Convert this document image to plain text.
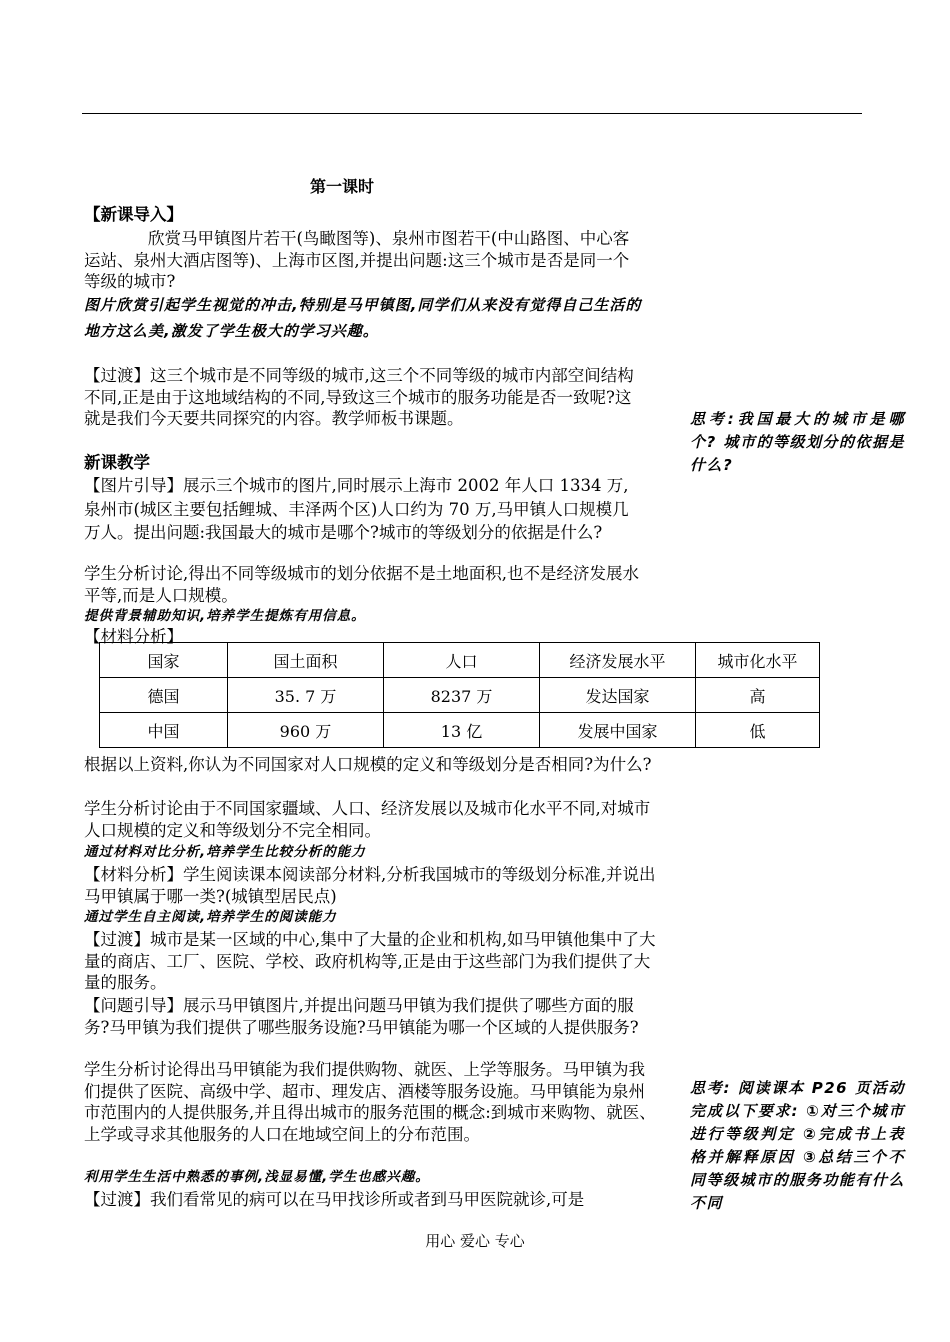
第一课时
【新课导入】
欣赏马甲镇图片若干(鸟瞰图等)、泉州市图若干(中山路图、中心客运站、泉州大酒店图等)、上海市区图,并提出问题:这三个城市是否是同一个等级的城市?
图片欣赏引起学生视觉的冲击,特别是马甲镇图,同学们从来没有觉得自己生活的地方这么美,激发了学生极大的学习兴趣。
【过渡】这三个城市是不同等级的城市,这三个不同等级的城市内部空间结构不同,正是由于这地域结构的不同,导致这三个城市的服务功能是否一致呢?这就是我们今天要共同探究的内容。教学师板书课题。
新课教学
【图片引导】展示三个城市的图片,同时展示上海市 2002 年人口 1334 万,泉州市(城区主要包括鲤城、丰泽两个区)人口约为 70 万,马甲镇人口规模几万人。提出问题:我国最大的城市是哪个?城市的等级划分的依据是什么?
学生分析讨论,得出不同等级城市的划分依据不是土地面积,也不是经济发展水平等,而是人口规模。
提供背景辅助知识,培养学生提炼有用信息。
【材料分析】
国家	国土面积	人口	经济发展水平	城市化水平
德国	35. 7 万	8237 万	发达国家	高
中国	960 万	13 亿	发展中国家	低
根据以上资料,你认为不同国家对人口规模的定义和等级划分是否相同?为什么?
学生分析讨论由于不同国家疆域、人口、经济发展以及城市化水平不同,对城市人口规模的定义和等级划分不完全相同。
通过材料对比分析,培养学生比较分析的能力
【材料分析】学生阅读课本阅读部分材料,分析我国城市的等级划分标准,并说出马甲镇属于哪一类?(城镇型居民点)
通过学生自主阅读,培养学生的阅读能力
【过渡】城市是某一区域的中心,集中了大量的企业和机构,如马甲镇他集中了大量的商店、工厂、医院、学校、政府机构等,正是由于这些部门为我们提供了大量的服务。
【问题引导】展示马甲镇图片,并提出问题马甲镇为我们提供了哪些方面的服务?马甲镇为我们提供了哪些服务设施?马甲镇能为哪一个区域的人提供服务?
学生分析讨论得出马甲镇能为我们提供购物、就医、上学等服务。马甲镇为我们提供了医院、高级中学、超市、理发店、酒楼等服务设施。马甲镇能为泉州市范围内的人提供服务,并且得出城市的服务范围的概念:到城市来购物、就医、上学或寻求其他服务的人口在地域空间上的分布范围。
利用学生生活中熟悉的事例,浅显易懂,学生也感兴趣。
【过渡】我们看常见的病可以在马甲找诊所或者到马甲医院就诊,可是
思考:我国最大的城市是哪个? 城市的等级划分的依据是什么?
思考: 阅读课本 P26 页活动完成以下要求: ①对三个城市进行等级判定 ②完成书上表格并解释原因 ③总结三个不同等级城市的服务功能有什么不同
用心 爱心 专心
